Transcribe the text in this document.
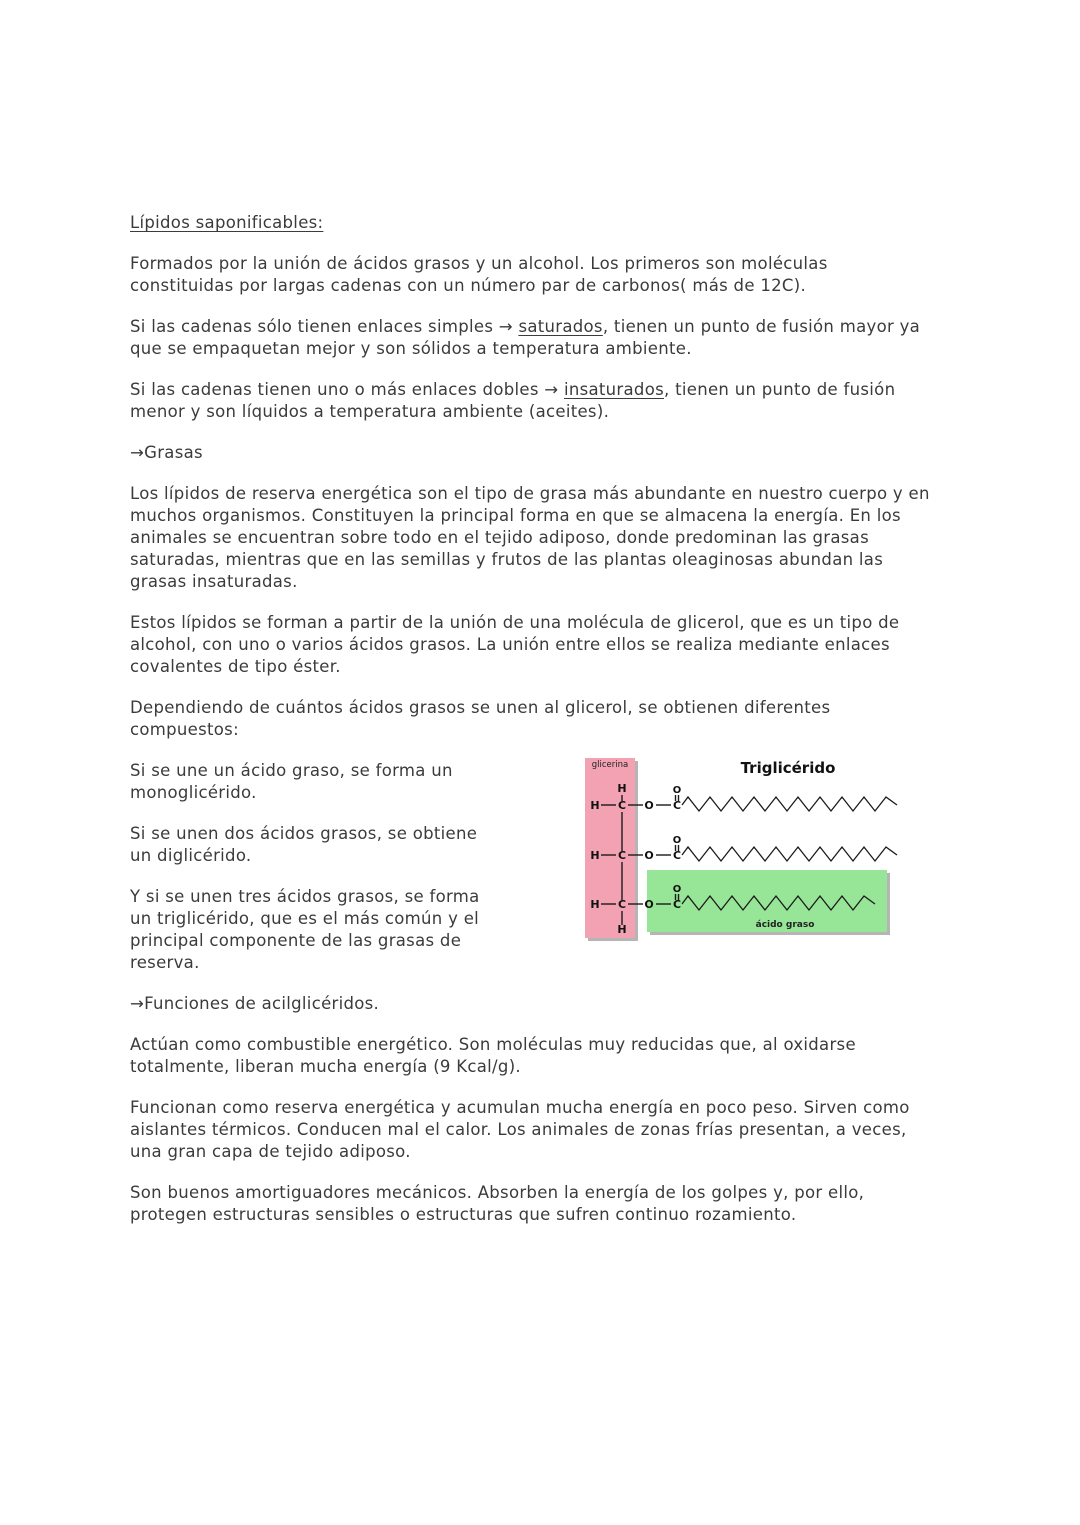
Lípidos saponificables:

Formados por la unión de ácidos grasos y un alcohol. Los primeros son moléculas constituidas por largas cadenas con un número par de carbonos( más de 12C).

Si las cadenas sólo tienen enlaces simples → saturados, tienen un punto de fusión mayor ya que se empaquetan mejor y son sólidos a temperatura ambiente.

Si las cadenas tienen uno o más enlaces dobles → insaturados, tienen un punto de fusión menor y son líquidos a temperatura ambiente (aceites).

→Grasas

Los lípidos de reserva energética son el tipo de grasa más abundante en nuestro cuerpo y en muchos organismos. Constituyen la principal forma en que se almacena la energía. En los animales se encuentran sobre todo en el tejido adiposo, donde predominan las grasas saturadas, mientras que en las semillas y frutos de las plantas oleaginosas abundan las grasas insaturadas.

Estos lípidos se forman a partir de la unión de una molécula de glicerol, que es un tipo de alcohol, con uno o varios ácidos grasos. La unión entre ellos se realiza mediante enlaces covalentes de tipo éster.

Dependiendo de cuántos ácidos grasos se unen al glicerol, se obtienen diferentes compuestos:

Si se une un ácido graso, se forma un monoglicérido.

Si se unen dos ácidos grasos, se obtiene un diglicérido.

Y si se unen tres ácidos grasos, se forma un triglicérido, que es el más común y el principal componente de las grasas de reserva.

glicerina	Triglicérido
H
H
H C O C
O
H C O C
O
H C O C
O
ácido graso
→Funciones de acilglicéridos.

Actúan como combustible energético. Son moléculas muy reducidas que, al oxidarse totalmente, liberan mucha energía (9 Kcal/g).

Funcionan como reserva energética y acumulan mucha energía en poco peso. Sirven como aislantes térmicos. Conducen mal el calor. Los animales de zonas frías presentan, a veces, una gran capa de tejido adiposo.

Son buenos amortiguadores mecánicos. Absorben la energía de los golpes y, por ello, protegen estructuras sensibles o estructuras que sufren continuo rozamiento.
